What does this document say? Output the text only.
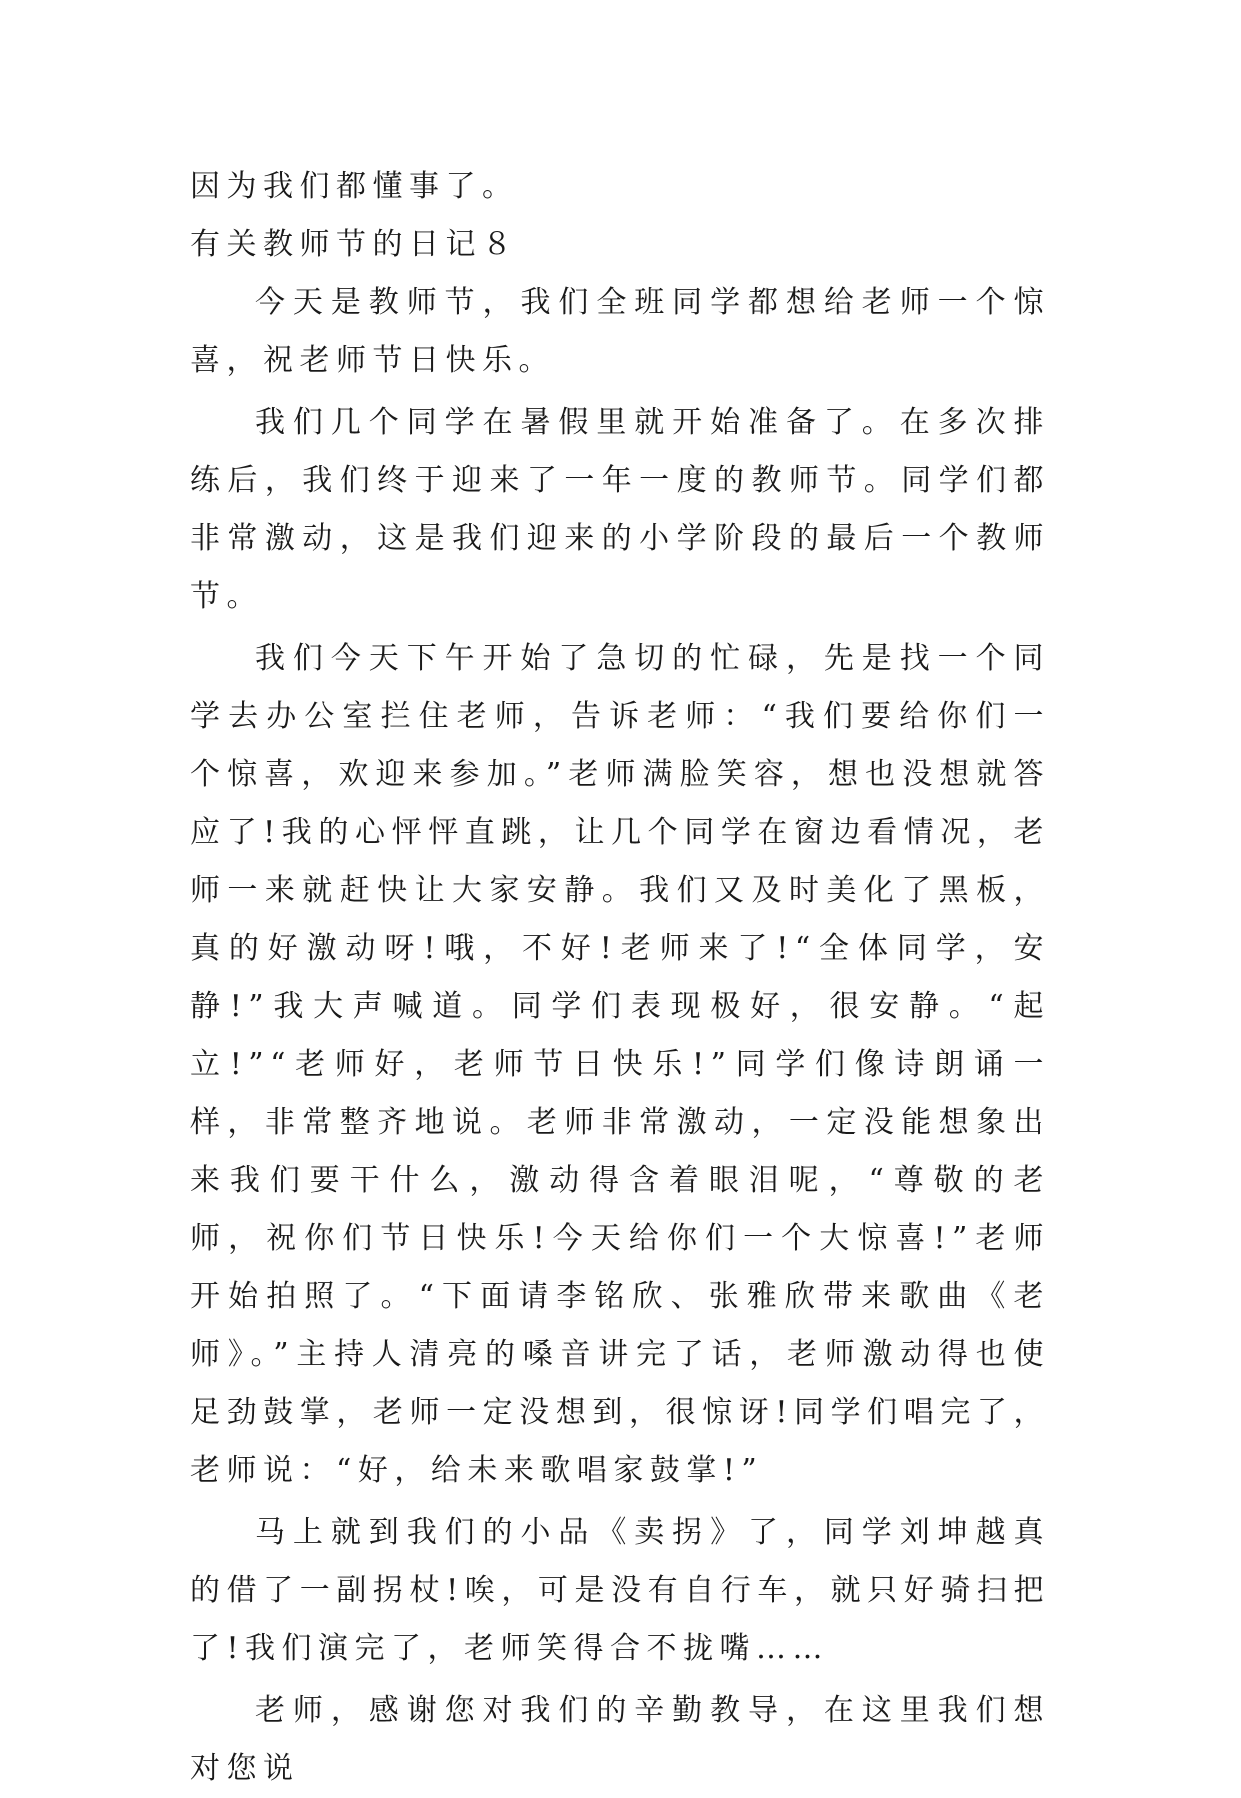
因为我们都懂事了。

有关教师节的日记８

今天是教师节，我们全班同学都想给老师一个惊喜，祝老师节日快乐。

我们几个同学在暑假里就开始准备了。在多次排练后，我们终于迎来了一年一度的教师节。同学们都非常激动，这是我们迎来的小学阶段的最后一个教师节。

我们今天下午开始了急切的忙碌，先是找一个同学去办公室拦住老师，告诉老师：“我们要给你们一个惊喜，欢迎来参加。”老师满脸笑容，想也没想就答应了!我的心怦怦直跳，让几个同学在窗边看情况，老师一来就赶快让大家安静。我们又及时美化了黑板，真的好激动呀!哦，不好!老师来了!“全体同学，安静!”我大声喊道。同学们表现极好，很安静。“起立!”“老师好，老师节日快乐!”同学们像诗朗诵一样，非常整齐地说。老师非常激动，一定没能想象出来我们要干什么，激动得含着眼泪呢，“尊敬的老师，祝你们节日快乐!今天给你们一个大惊喜!”老师开始拍照了。“下面请李铭欣、张雅欣带来歌曲《老师》。”主持人清亮的嗓音讲完了话，老师激动得也使足劲鼓掌，老师一定没想到，很惊讶!同学们唱完了，老师说：“好，给未来歌唱家鼓掌!”

马上就到我们的小品《卖拐》了，同学刘坤越真的借了一副拐杖!唉，可是没有自行车，就只好骑扫把了!我们演完了，老师笑得合不拢嘴……

老师，感谢您对我们的辛勤教导，在这里我们想对您说
